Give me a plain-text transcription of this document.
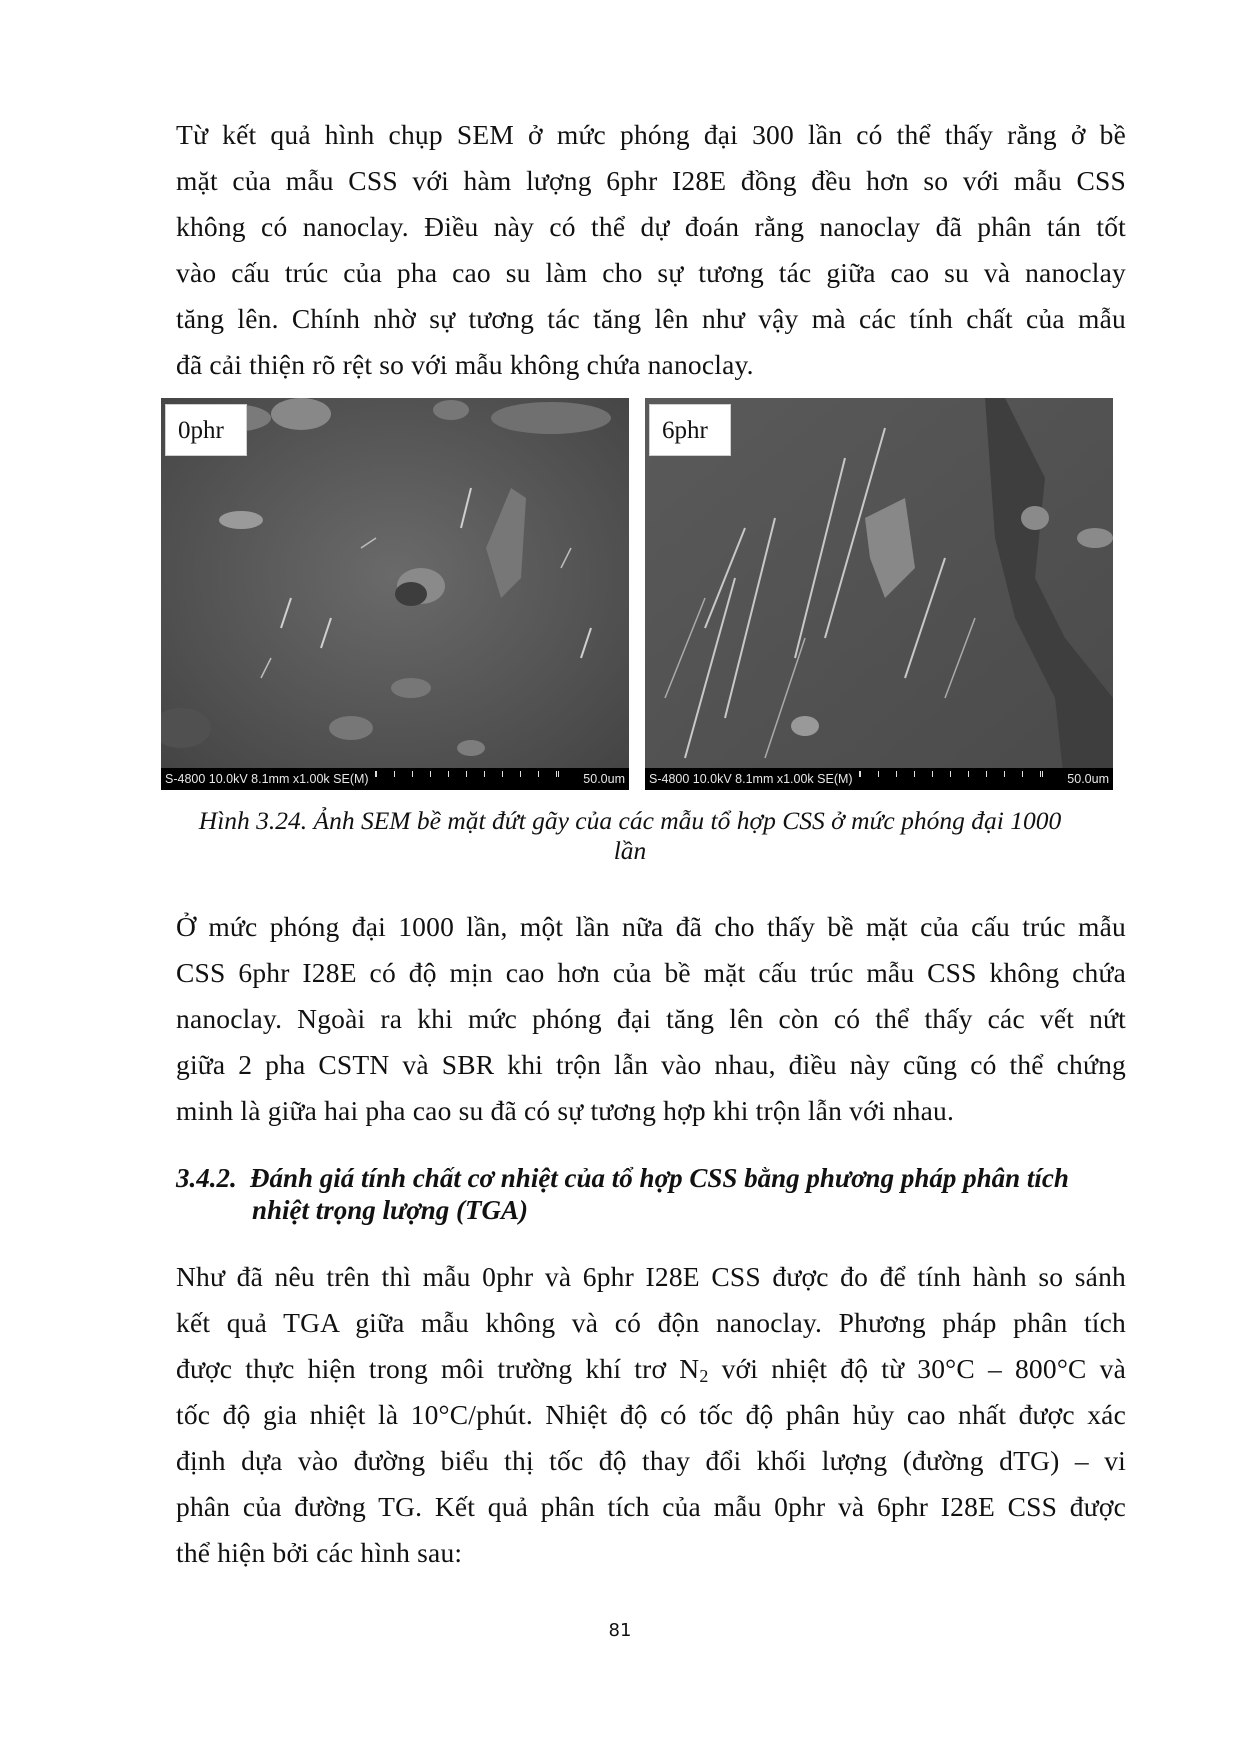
Từ kết quả hình chụp SEM ở mức phóng đại 300 lần có thể thấy rằng ở bề
mặt của mẫu CSS với hàm lượng 6phr I28E đồng đều hơn so với mẫu CSS
không có nanoclay. Điều này có thể dự đoán rằng nanoclay đã phân tán tốt
vào cấu trúc của pha cao su làm cho sự tương tác giữa cao su và nanoclay
tăng lên. Chính nhờ sự tương tác tăng lên như vậy mà các tính chất của mẫu
đã cải thiện rõ rệt so với mẫu không chứa nanoclay.
0phr
S-4800 10.0kV 8.1mm x1.00k SE(M)	50.0um
6phr
S-4800 10.0kV 8.1mm x1.00k SE(M)	50.0um
Hình 3.24. Ảnh SEM bề mặt đứt gãy của các mẫu tổ hợp CSS ở mức phóng đại 1000
lần
Ở mức phóng đại 1000 lần, một lần nữa đã cho thấy bề mặt của cấu trúc mẫu
CSS 6phr I28E có độ mịn cao hơn của bề mặt cấu trúc mẫu CSS không chứa
nanoclay. Ngoài ra khi mức phóng đại tăng lên còn có thể thấy các vết nứt
giữa 2 pha CSTN và SBR khi trộn lẫn vào nhau, điều này cũng có thể chứng
minh là giữa hai pha cao su đã có sự tương hợp khi trộn lẫn với nhau.
3.4.2. Đánh giá tính chất cơ nhiệt của tổ hợp CSS bằng phương pháp phân tích
nhiệt trọng lượng (TGA)
Như đã nêu trên thì mẫu 0phr và 6phr I28E CSS được đo để tính hành so sánh
kết quả TGA giữa mẫu không và có độn nanoclay. Phương pháp phân tích
được thực hiện trong môi trường khí trơ $N_2$ với nhiệt độ từ 30°C – 800°C và
tốc độ gia nhiệt là 10°C/phút. Nhiệt độ có tốc độ phân hủy cao nhất được xác
định dựa vào đường biểu thị tốc độ thay đổi khối lượng (đường dTG) – vi
phân của đường TG. Kết quả phân tích của mẫu 0phr và 6phr I28E CSS được
thể hiện bởi các hình sau:
81
